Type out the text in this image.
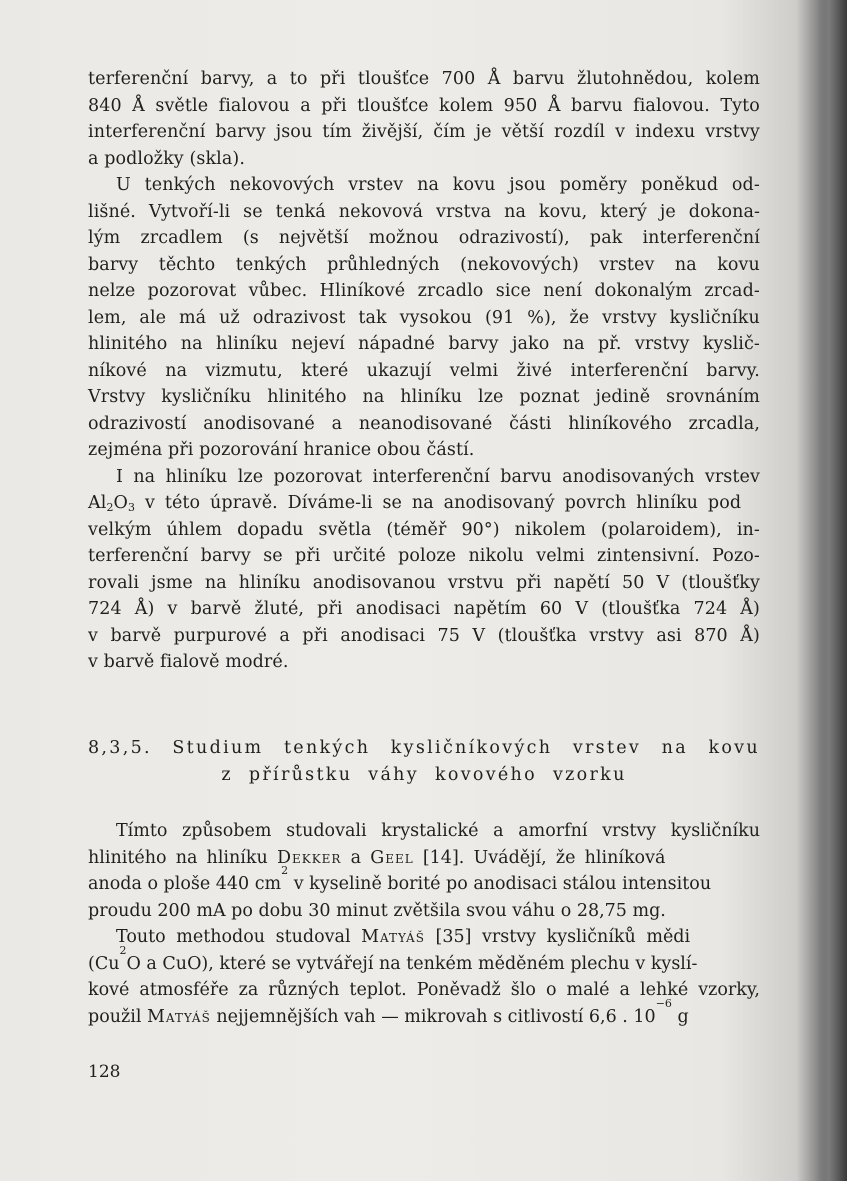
terferenční barvy, a to při tloušťce 700 Å barvu žlutohnědou, kolem
840 Å světle fialovou a při tloušťce kolem 950 Å barvu fialovou. Tyto
interferenční barvy jsou tím živější, čím je větší rozdíl v indexu vrstvy
a podložky (skla).
U tenkých nekovových vrstev na kovu jsou poměry poněkud od-
lišné. Vytvoří-li se tenká nekovová vrstva na kovu, který je dokona-
lým zrcadlem (s největší možnou odrazivostí), pak interferenční
barvy těchto tenkých průhledných (nekovových) vrstev na kovu
nelze pozorovat vůbec. Hliníkové zrcadlo sice není dokonalým zrcad-
lem, ale má už odrazivost tak vysokou (91 %), že vrstvy kysličníku
hlinitého na hliníku nejeví nápadné barvy jako na př. vrstvy kyslič-
níkové na vizmutu, které ukazují velmi živé interferenční barvy.
Vrstvy kysličníku hlinitého na hliníku lze poznat jedině srovnáním
odrazivostí anodisované a neanodisované části hliníkového zrcadla,
zejména při pozorování hranice obou částí.
I na hliníku lze pozorovat interferenční barvu anodisovaných vrstev
$Al_2O_3$ v této úpravě. Díváme-li se na anodisovaný povrch hliníku pod
velkým úhlem dopadu světla (téměř 90°) nikolem (polaroidem), in-
terferenční barvy se při určité poloze nikolu velmi zintensivní. Pozo-
rovali jsme na hliníku anodisovanou vrstvu při napětí 50 V (tloušťky
724 Å) v barvě žluté, při anodisaci napětím 60 V (tloušťka 724 Å)
v barvě purpurové a při anodisaci 75 V (tloušťka vrstvy asi 870 Å)
v barvě fialově modré.
8,3,5. Studium tenkých kysličníkových vrstev na kovu
z přírůstku váhy kovového vzorku
Tímto způsobem studovali krystalické a amorfní vrstvy kysličníku
hlinitého na hliníku Dekker a Geel [14]. Uvádějí, že hliníková
anoda o ploše 440 cm
2
v kyselině borité po anodisaci stálou intensitou
proudu 200 mA po dobu 30 minut zvětšila svou váhu o 28,75 mg.
Touto methodou studoval Matyáš [35] vrstvy kysličníků mědi
(Cu
2
O a CuO), které se vytvářejí na tenkém měděném plechu v kyslí-
kové atmosféře za různých teplot. Poněvadž šlo o malé a lehké vzorky,
použil Matyáš nejjemnějších vah — mikrovah s citlivostí 6,6 . 10
−6
g
128
